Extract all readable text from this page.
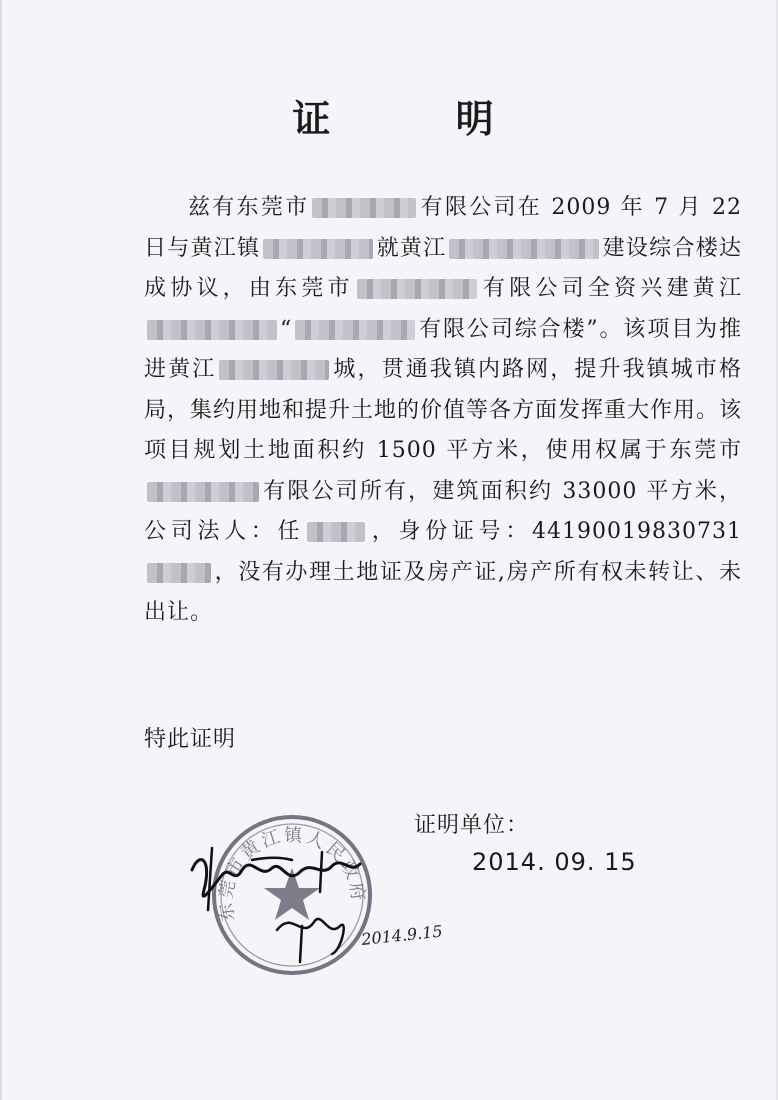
证 明

兹有东莞市	有限公司在 2009 年 7 月 22 日与黄江镇	就黄江	建设综合楼达成协议，由东莞市	有限公司全资兴建黄江“	有限公司综合楼”。该项目为推进黄江	城，贯通我镇内路网，提升我镇城市格局，集约用地和提升土地的价值等各方面发挥重大作用。该项目规划土地面积约 1500 平方米，使用权属于东莞市有限公司所有，建筑面积约 33000 平方米，公司法人：任	，身份证号：44190019830731，没有办理土地证及房产证,房产所有权未转让、未出让。

特此证明
证明单位：
2014. 09. 15
东莞市黄江镇人民政府
2014.9.15
